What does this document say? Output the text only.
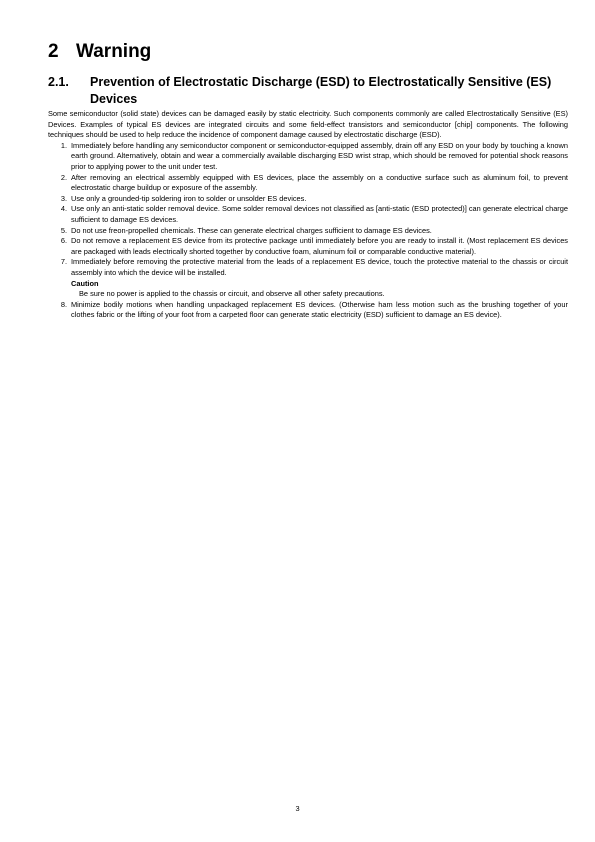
2 Warning
2.1.	Prevention of Electrostatic Discharge (ESD) to Electrostatically Sensitive (ES) Devices

Some semiconductor (solid state) devices can be damaged easily by static electricity. Such components commonly are called Electrostatically Sensitive (ES) Devices. Examples of typical ES devices are integrated circuits and some field-effect transistors and semiconductor [chip] components. The following techniques should be used to help reduce the incidence of component damage caused by electrostatic discharge (ESD).

1. Immediately before handling any semiconductor component or semiconductor-equipped assembly, drain off any ESD on your body by touching a known earth ground. Alternatively, obtain and wear a commercially available discharging ESD wrist strap, which should be removed for potential shock reasons prior to applying power to the unit under test.
2. After removing an electrical assembly equipped with ES devices, place the assembly on a conductive surface such as aluminum foil, to prevent electrostatic charge buildup or exposure of the assembly.
3. Use only a grounded-tip soldering iron to solder or unsolder ES devices.
4. Use only an anti-static solder removal device. Some solder removal devices not classified as [anti-static (ESD protected)] can generate electrical charge sufficient to damage ES devices.
5. Do not use freon-propelled chemicals. These can generate electrical charges sufficient to damage ES devices.
6. Do not remove a replacement ES device from its protective package until immediately before you are ready to install it. (Most replacement ES devices are packaged with leads electrically shorted together by conductive foam, aluminum foil or comparable conductive material).
7. Immediately before removing the protective material from the leads of a replacement ES device, touch the protective material to the chassis or circuit assembly into which the device will be installed.
Caution
Be sure no power is applied to the chassis or circuit, and observe all other safety precautions.
8. Minimize bodily motions when handling unpackaged replacement ES devices. (Otherwise ham less motion such as the brushing together of your clothes fabric or the lifting of your foot from a carpeted floor can generate static electricity (ESD) sufficient to damage an ES device).
3
